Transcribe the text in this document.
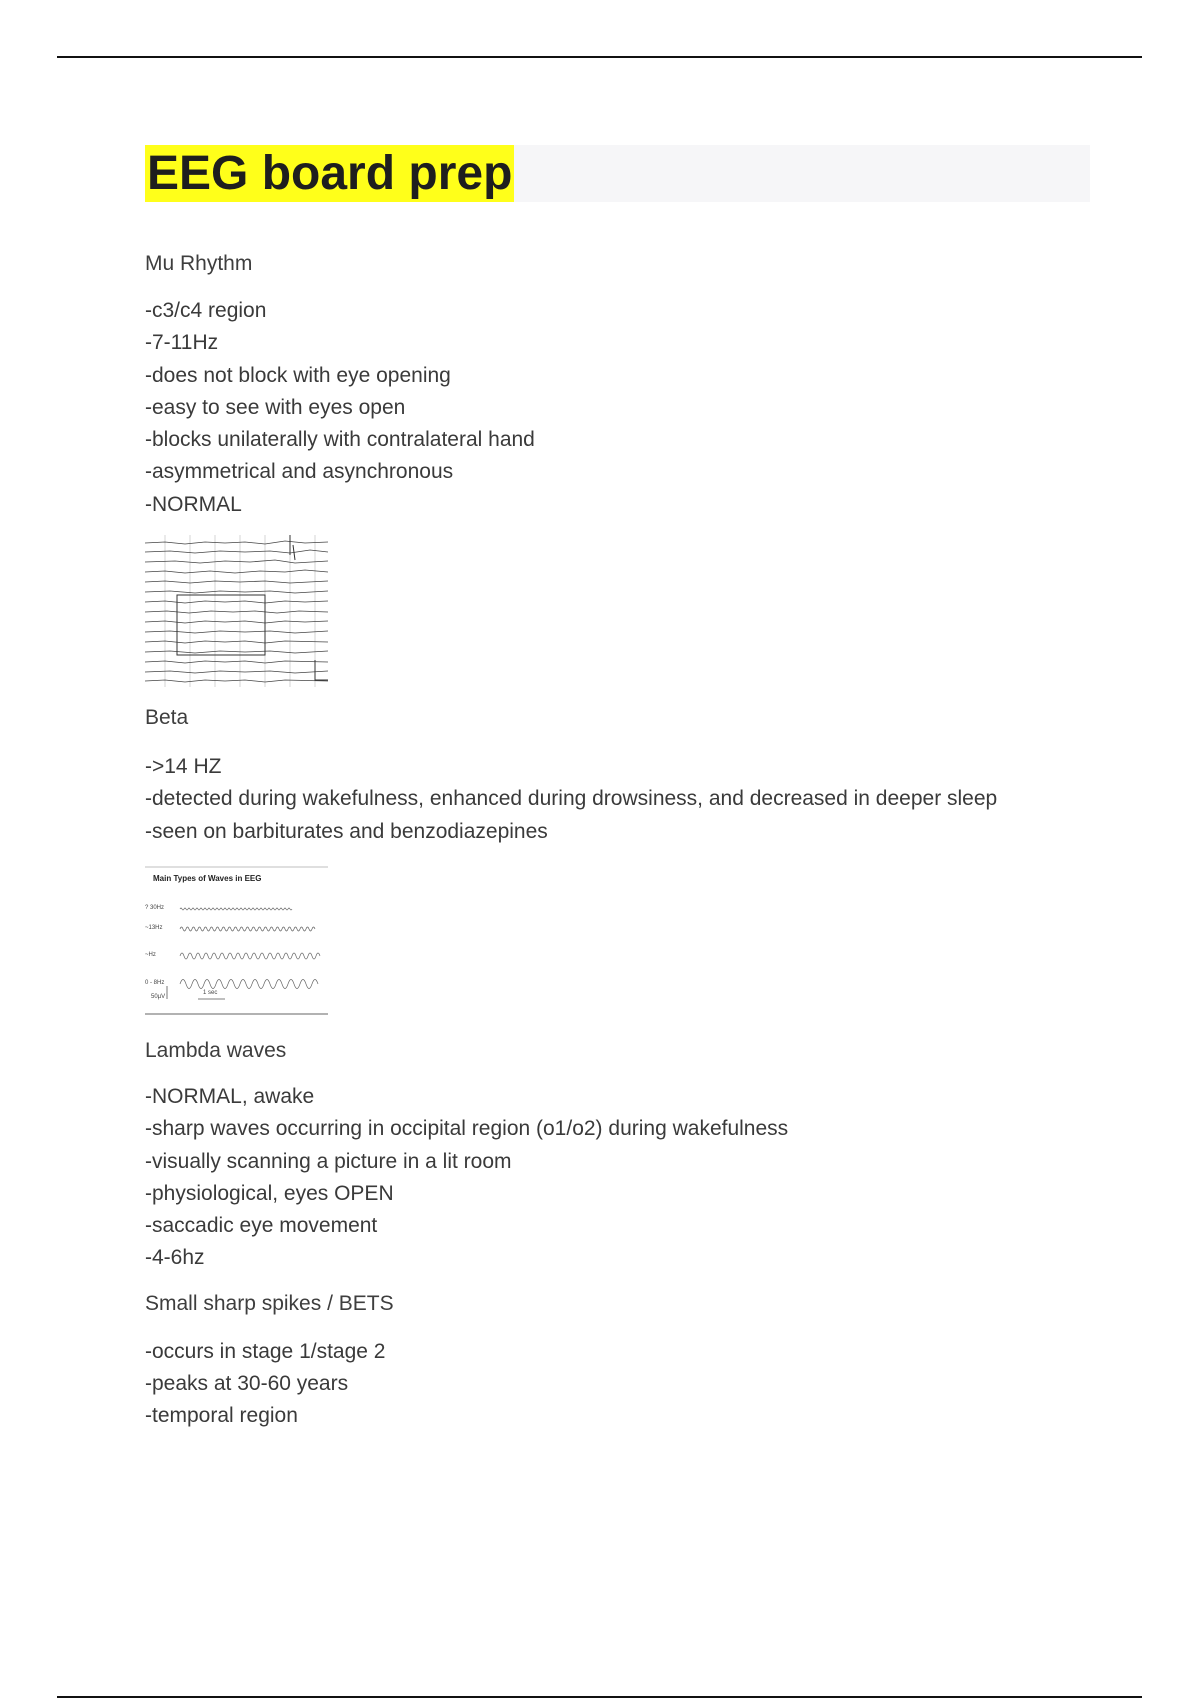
EEG board prep

Mu Rhythm

-c3/c4 region
-7-11Hz
-does not block with eye opening
-easy to see with eyes open
-blocks unilaterally with contralateral hand
-asymmetrical and asynchronous
-NORMAL

Beta

->14 HZ
-detected during wakefulness, enhanced during drowsiness, and decreased in deeper sleep
-seen on barbiturates and benzodiazepines
Main Types of Waves in EEG
? 30Hz
~13Hz
~Hz
0 - 8Hz
50µV
1 sec

Lambda waves

-NORMAL, awake
-sharp waves occurring in occipital region (o1/o2) during wakefulness
-visually scanning a picture in a lit room
-physiological, eyes OPEN
-saccadic eye movement
-4-6hz

Small sharp spikes / BETS

-occurs in stage 1/stage 2
-peaks at 30-60 years
-temporal region
